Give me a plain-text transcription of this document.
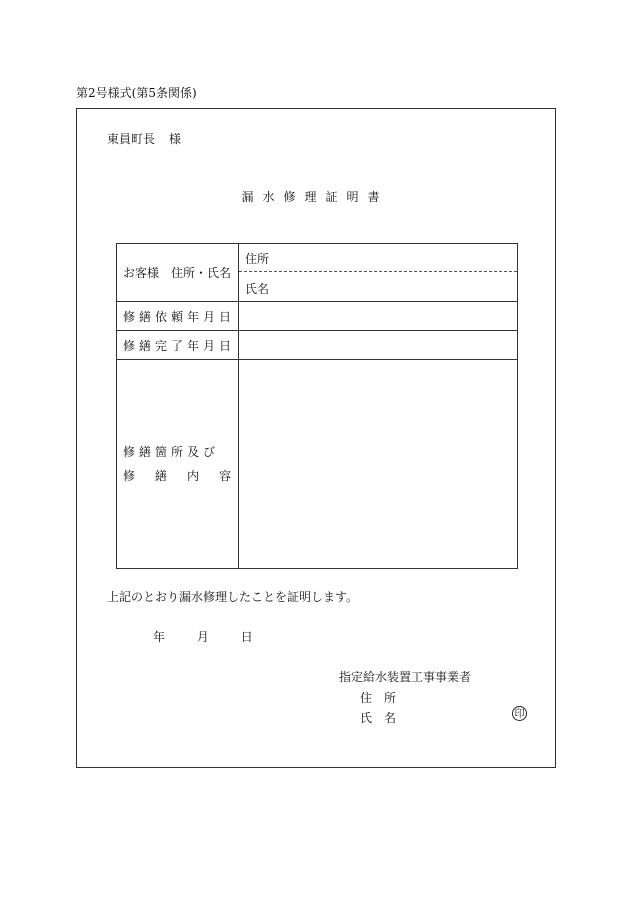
第2号様式(第5条関係)
東員町長 様
漏水修理証明書
お客様　住所・氏名	住所
氏名

修繕依頼年月日	
修繕完了年月日	

修繕箇所及び
修 繕 内 容	

上記のとおり漏水修理したことを証明します。
年	月	日
指定給水装置工事事業者
住所
氏名	印
